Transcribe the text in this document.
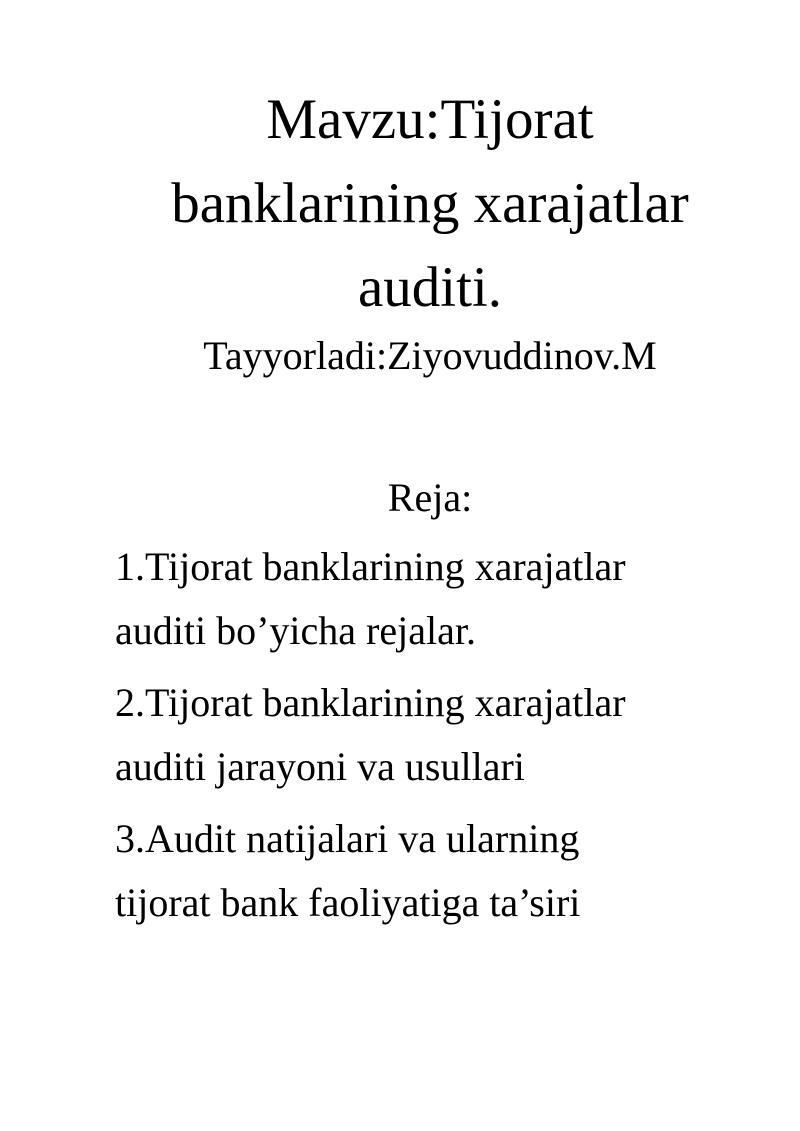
Mavzu:Tijorat
banklarining xarajatlar
auditi.

Tayyorladi:Ziyovuddinov.M

Reja:
1.Tijorat banklarining xarajatlar
auditi bo’yicha rejalar.
2.Tijorat banklarining xarajatlar
auditi jarayoni va usullari
3.Audit natijalari va ularning
tijorat bank faoliyatiga ta’siri
